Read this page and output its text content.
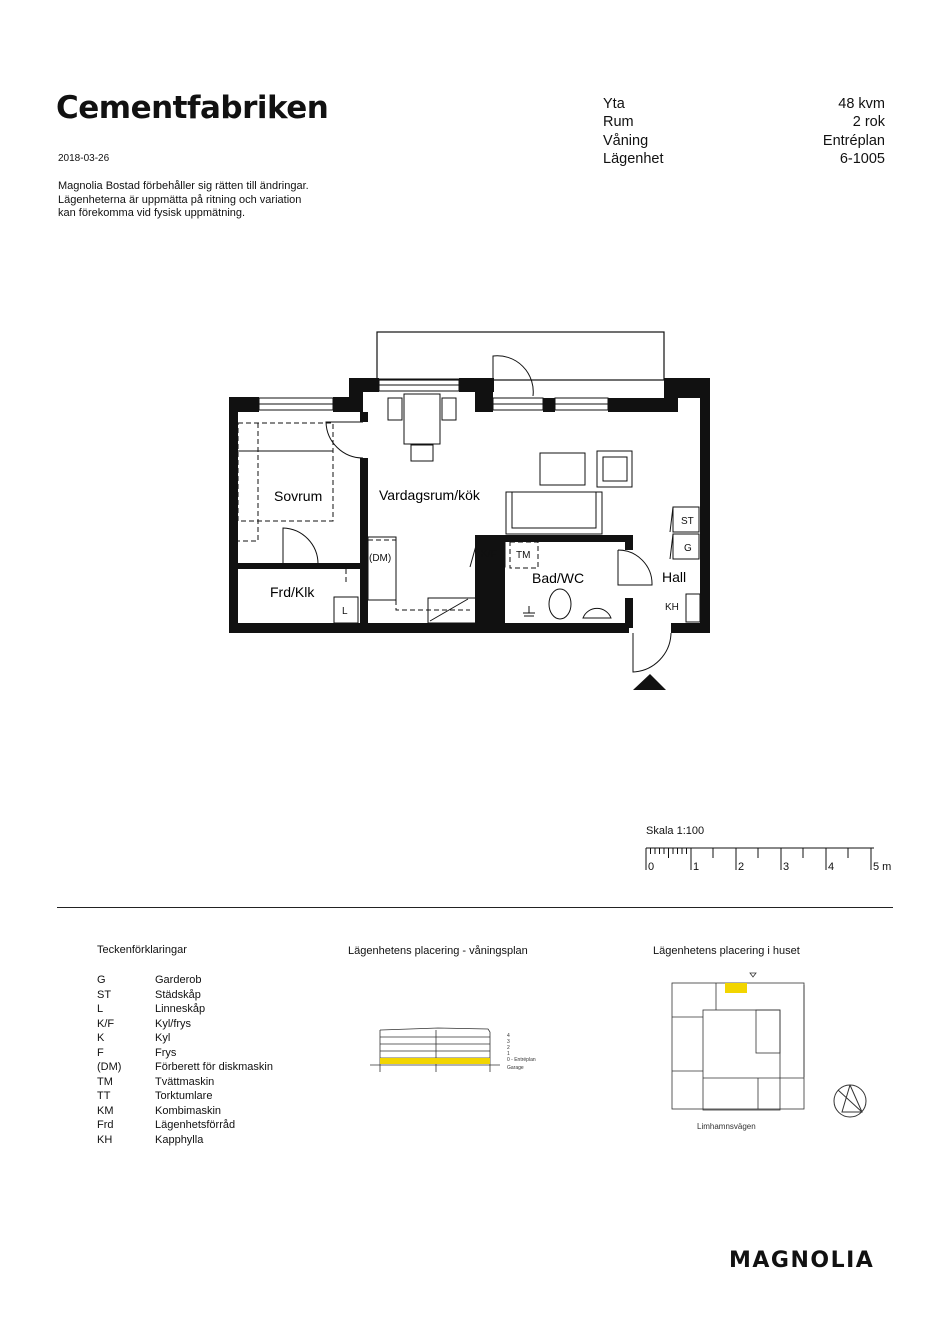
Cementfabriken
2018-03-26
Magnolia Bostad förbehåller sig rätten till ändringar.
Lägenheterna är uppmätta på ritning och variation
kan förekomma vid fysisk uppmätning.
Yta	48 kvm
Rum	2 rok
Våning	Entréplan
Lägenhet	6-1005
Sovrum	Vardagsrum/kök
Frd/Klk
Bad/WC	Hall
ST
G
K/F TM
(DM)
L	KH
Skala 1:100
0	1	2	3	4	5 m
Teckenförklaringar
G	Garderob
ST	Städskåp
L	Linneskåp
K/F	Kyl/frys
K	Kyl
F	Frys
(DM)	Förberett för diskmaskin
TM	Tvättmaskin
TT	Torktumlare
KM	Kombimaskin
Frd	Lägenhetsförråd
KH	Kapphylla
Lägenhetens placering - våningsplan
4
3
2
1
0 - Entréplan
Garage
Lägenhetens placering i huset
Limhamnsvägen
MAGNOLIA
